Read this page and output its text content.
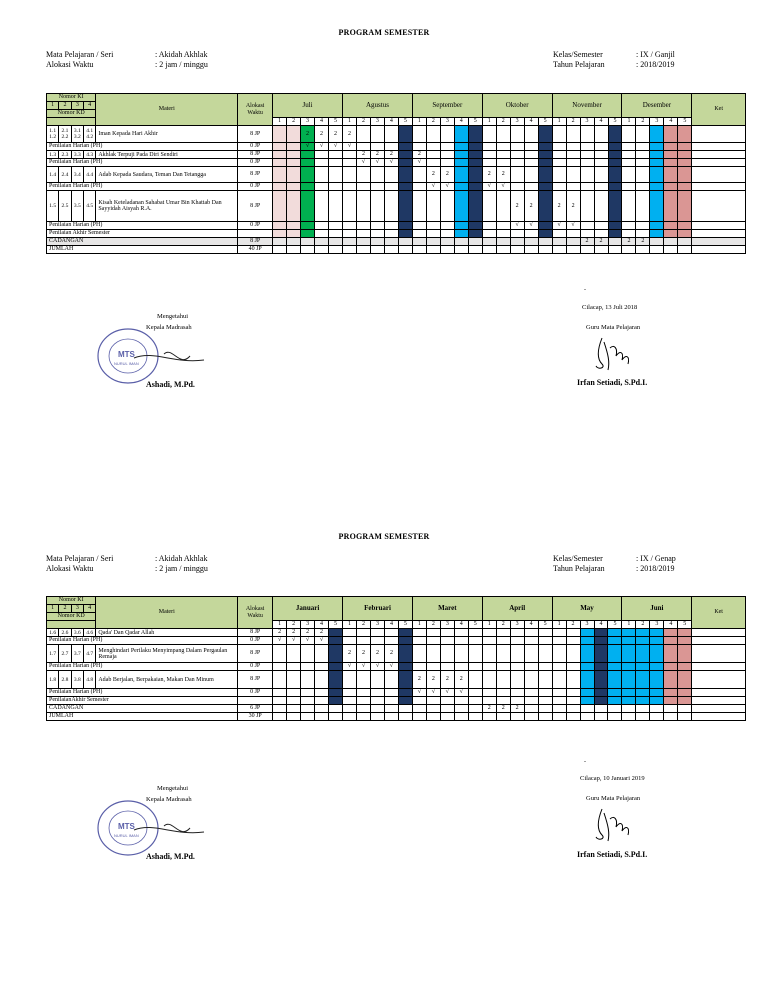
PROGRAM SEMESTER
Mata Pelajaran / Seri	: Akidah Akhlak
Alokasi Waktu	: 2 jam / minggu
Kelas/Semester	: IX / Ganjil
Tahun Pelajaran	: 2018/2019
Nomor KI				Materi	Alokasi Waktu	Juli					Agustus					September					Oktober					November					Desember					Ket
1	2	3	4																																	
Nomor KD																																				
						1	2	3	4	5	1	2	3	4	5	1	2	3	4	5	1	2	3	4	5	1	2	3	4	5	1	2	3	4	5	
1.1 1.2	2.1 2.2	3.1 3.2	4.1 4.2	Iman Kepada Hari Akhir	8 JP			2	2	2	2																									
Penilaian Harian (PH)					0 JP			√	√	√	√																									
1.3	2.3	3.3	4.3	Akhlak Terpuji Pada Diri Sendiri	8 JP							2	2	2		2																				
Penilaian Harian (PH)					0 JP							√	√	√		√																				
1.4	2.4	3.4	4.4	Adab Kepada Saudara, Teman Dan Tetangga	8 JP												2	2			2	2														
Penilaian Harian (PH)					0 JP												√	√			√	√														
1.5	2.5	3.5	4.5	Kisah Keteladanan Sahabat Umar Bin Khattab Dan Sayyidah Aisyah R.A.	8 JP																		2	2		2	2									
Penilaian Harian (PH)					0 JP																		√	√		√	√									
Penilaian Akhir Semester																																				
CADANGAN					8 JP																							2	2		2	2				
JUMLAH					40 JP																															
.
Cilacap, 13 Juli 2018
Guru Mata Pelajaran
Irfan Setiadi, S.Pd.I.
Mengetahui
Kepala Madrasah
MTS
NURUL IMAN
Ashadi, M.Pd.
PROGRAM SEMESTER
Mata Pelajaran / Seri	: Akidah Akhlak
Alokasi Waktu	: 2 jam / minggu
Kelas/Semester	: IX / Genap
Tahun Pelajaran	: 2018/2019
Nomor KI				Materi	Alokasi Waktu	Januari					Februari					Maret					April					May					Juni					Ket
1	2	3	4																																	
Nomor KD																																				
						1	2	3	4	5	1	2	3	4	5	1	2	3	4	5	1	2	3	4	5	1	2	3	4	5	1	2	3	4	5	
1.6	2.6	3.6	4.6	Qada' Dan Qadar Allah	8 JP	2	2	2	2																											
Penilaian Harian (PH)					0 JP	√	√	√	√																											
1.7	2.7	3.7	4.7	Menghindari Perilaku Menyimpang Dalam Pergaulan Remaja	8 JP						2	2	2	2																						
Penilaian Harian (PH)					0 JP						√	√	√	√																						
1.8	2.8	3.8	4.8	Adab Berjalan, Berpakaian, Makan Dan Minum	8 JP											2	2	2	2																	
Penilaian Harian (PH)					0 JP											√	√	√	√																	
PenilaianAkhir Semester																																				
CADANGAN					6 JP																2	2	2													
JUMLAH					30 JP																															
.
Cilacap, 10 Januari 2019
Guru Mata Pelajaran
Irfan Setiadi, S.Pd.I.
Mengetahui
Kepala Madrasah
MTS
NURUL IMAN
Ashadi, M.Pd.
